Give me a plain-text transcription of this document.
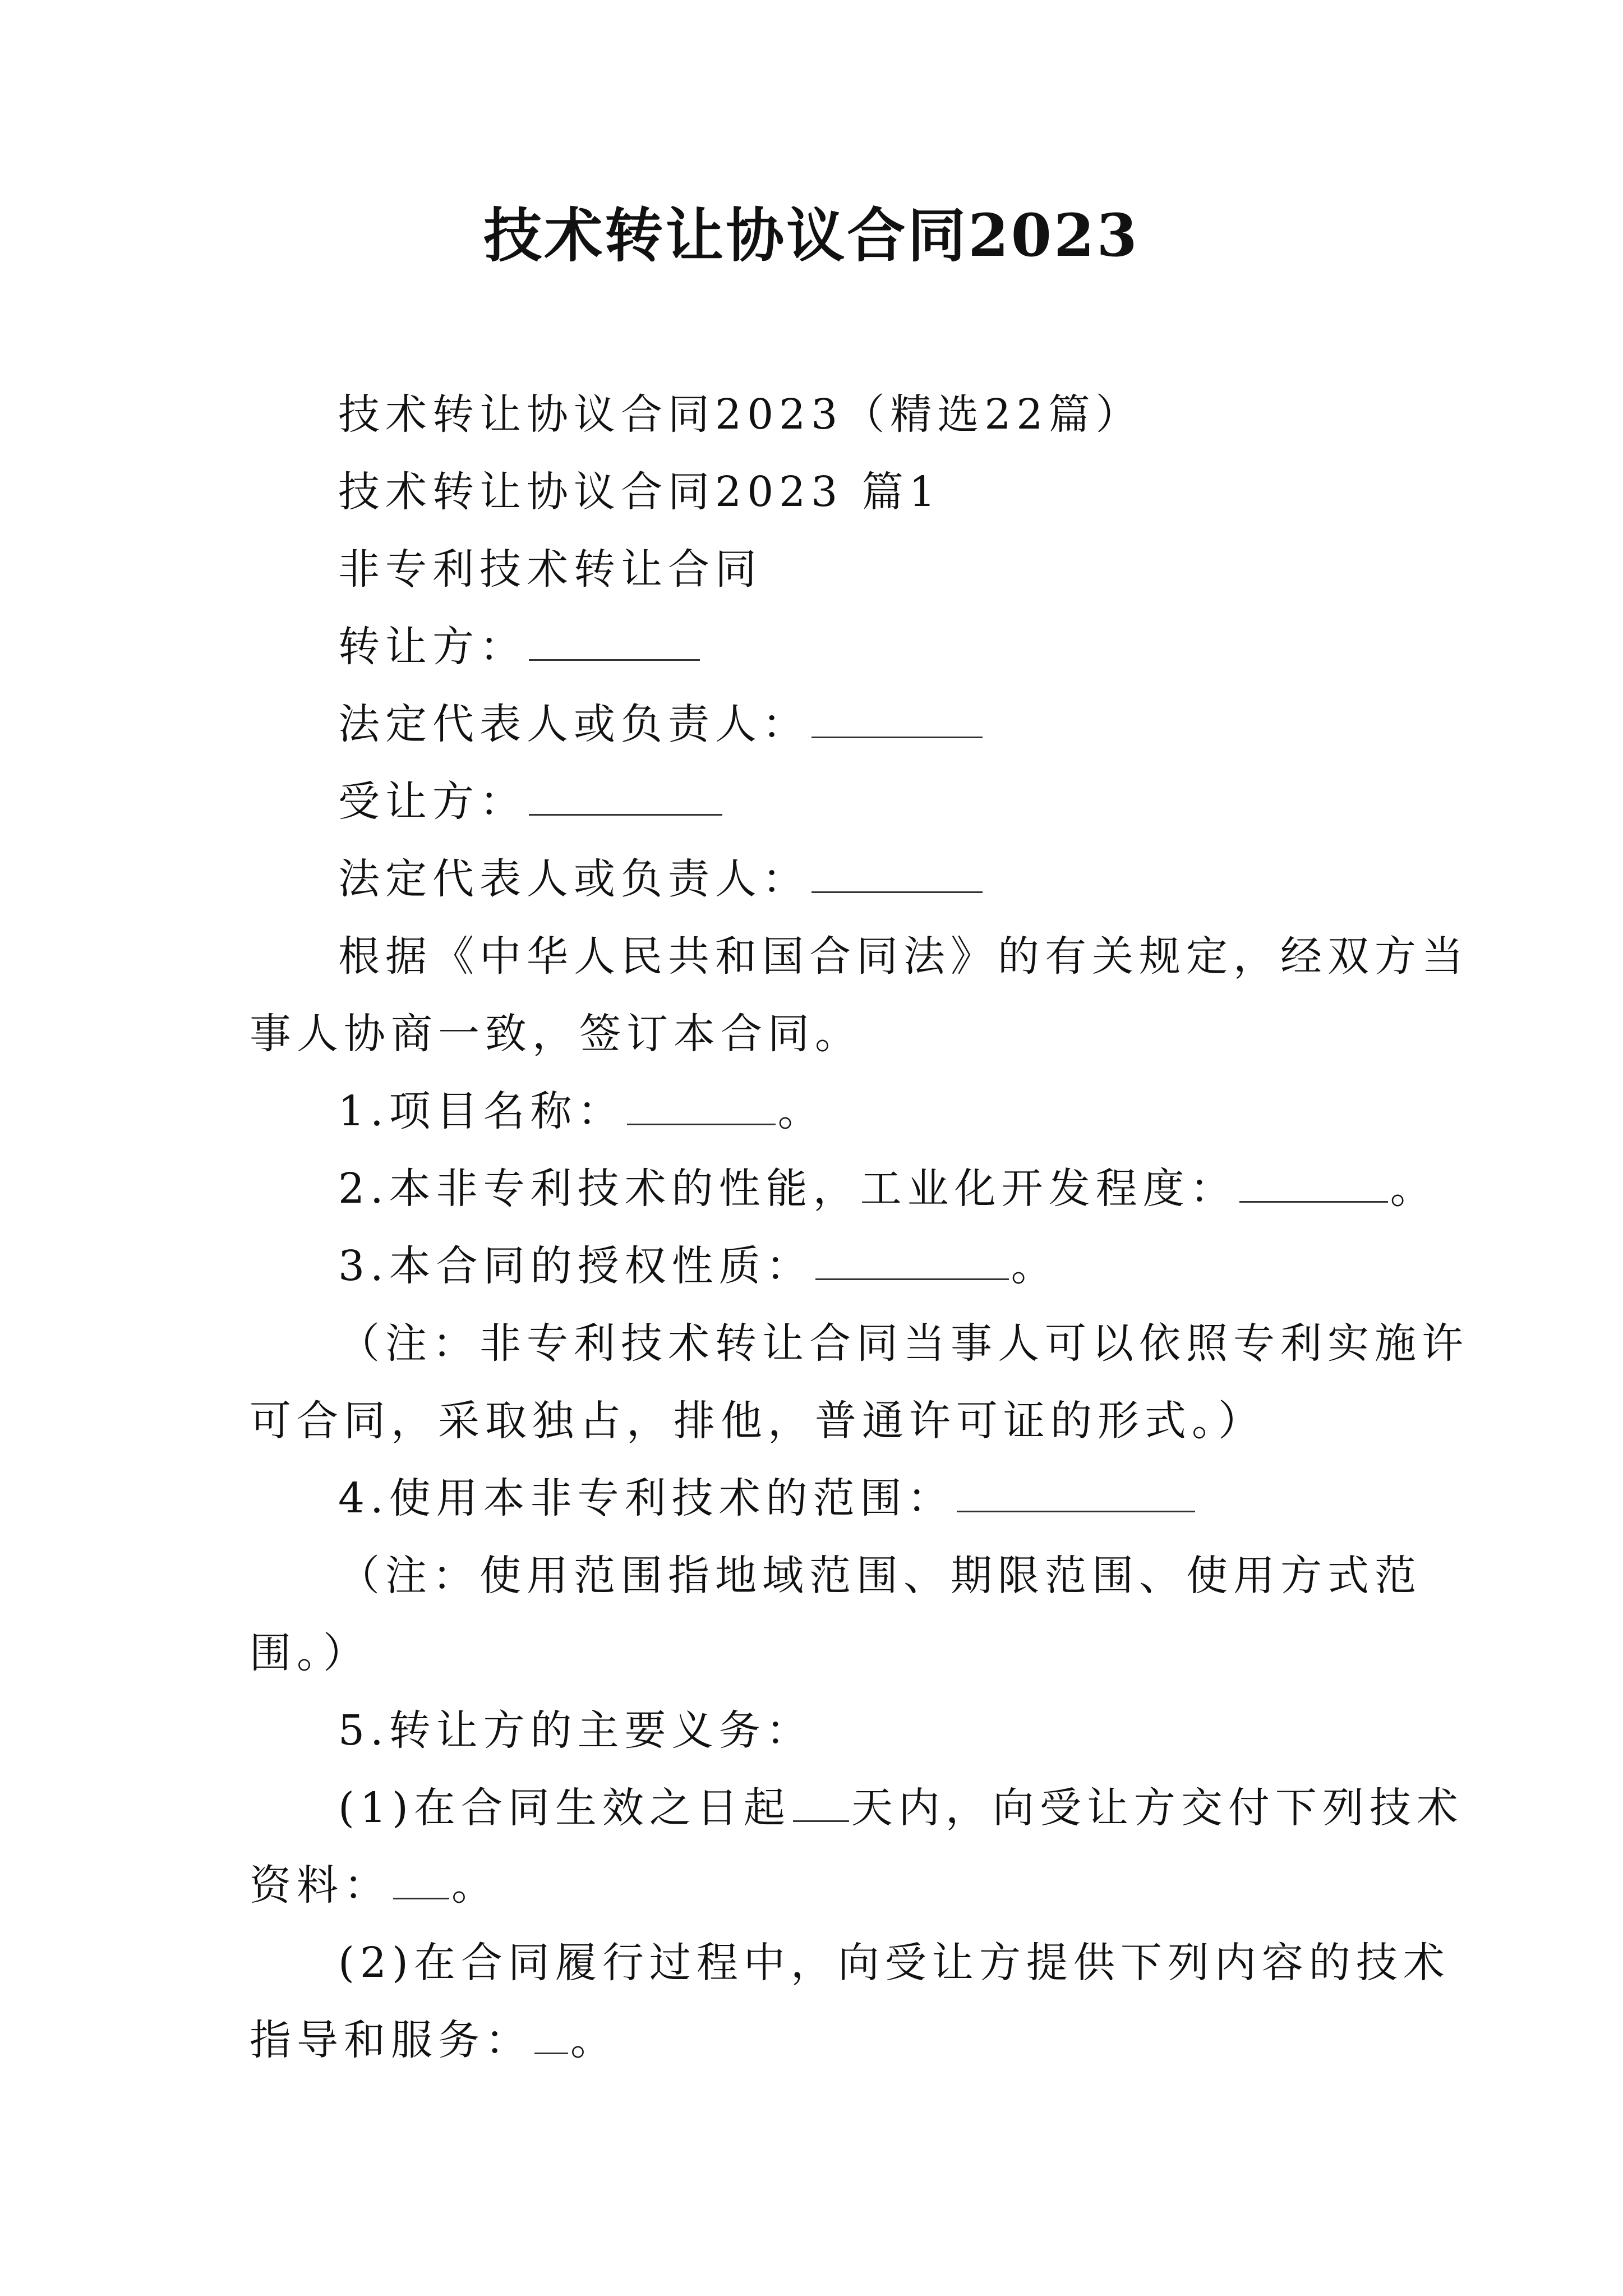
技术转让协议合同2023
技术转让协议合同2023（精选22篇）
技术转让协议合同2023 篇1
非专利技术转让合同
转让方：
法定代表人或负责人：
受让方：
法定代表人或负责人：
根据《中华人民共和国合同法》的有关规定，经双方当
事人协商一致，签订本合同。
1.项目名称：	。
2.本非专利技术的性能，工业化开发程度：	。
3.本合同的授权性质：	。
（注：非专利技术转让合同当事人可以依照专利实施许
可合同，采取独占，排他，普通许可证的形式。）
4.使用本非专利技术的范围：
（注：使用范围指地域范围、期限范围、使用方式范
围。）
5.转让方的主要义务：
(1)在合同生效之日起 天内，向受让方交付下列技术
资料： 。
(2)在合同履行过程中，向受让方提供下列内容的技术
指导和服务： 。
